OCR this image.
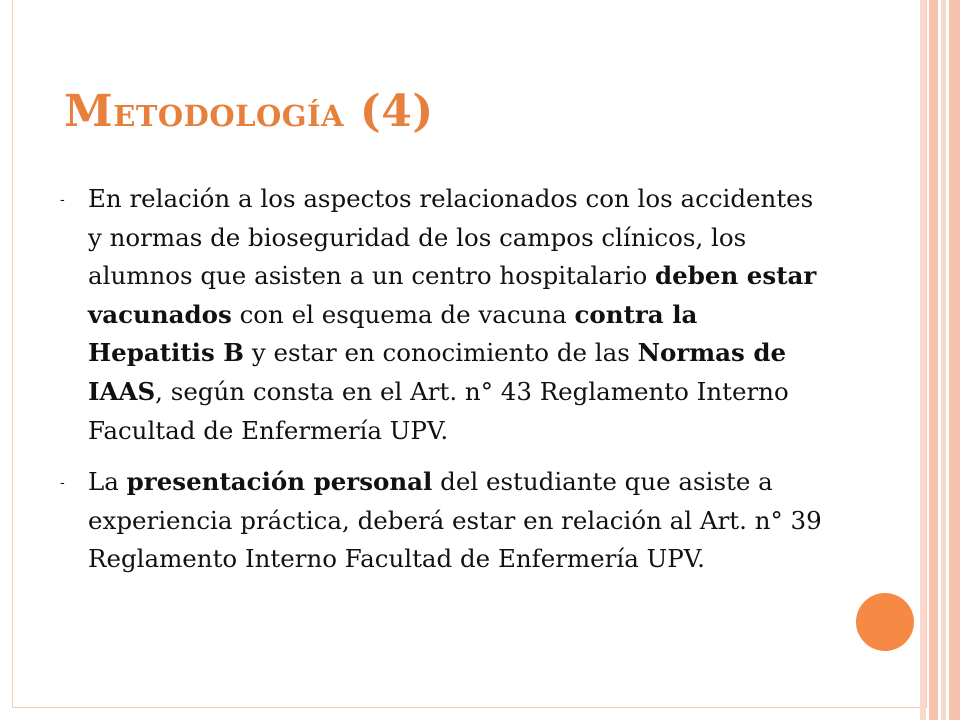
METODOLOGÍA (4)
- En relación a los aspectos relacionados con los accidentes y normas de bioseguridad de los campos clínicos, los alumnos que asisten a un centro hospitalario deben estar vacunados con el esquema de vacuna contra la Hepatitis B y estar en conocimiento de las Normas de IAAS, según consta en el Art. n° 43 Reglamento Interno Facultad de Enfermería UPV.
- La presentación personal del estudiante que asiste a experiencia práctica, deberá estar en relación al Art. n° 39 Reglamento Interno Facultad de Enfermería UPV.
